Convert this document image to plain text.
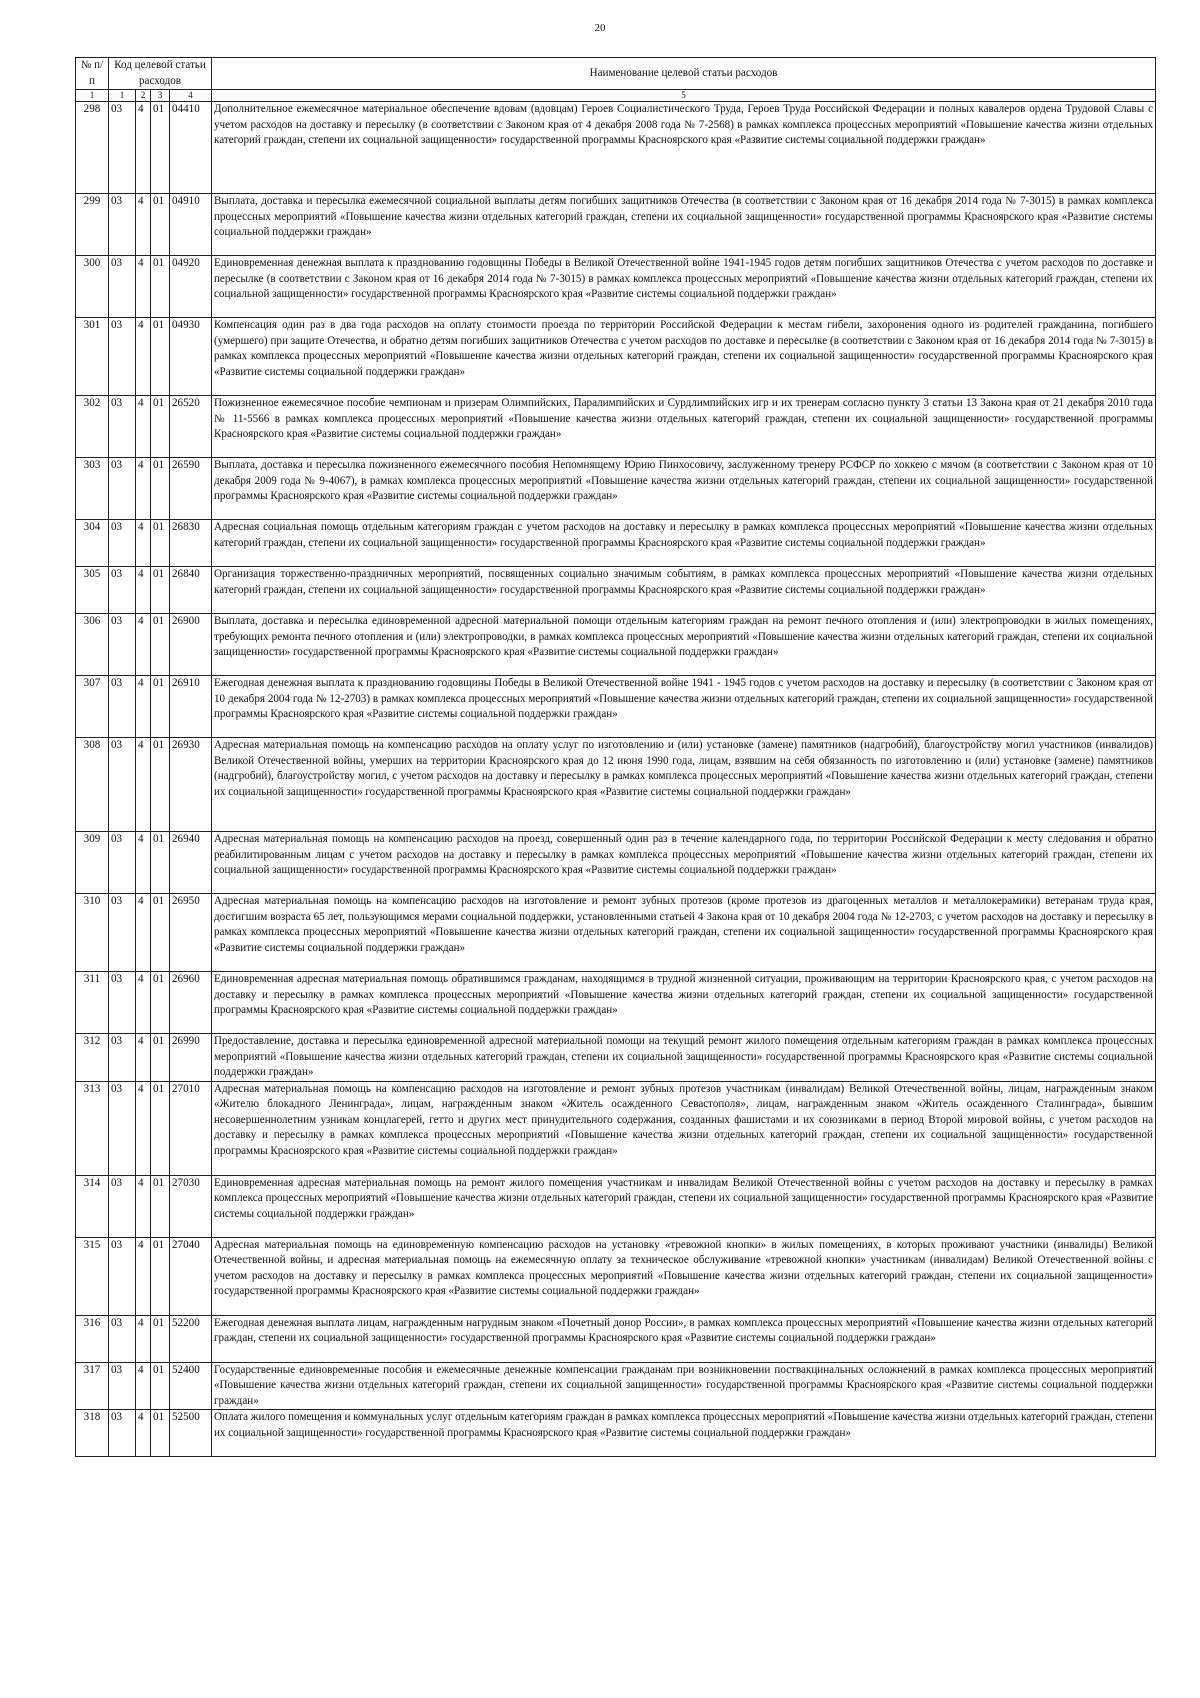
20
№ п/п	Код целевой статьи расходов				Наименование целевой статьи расходов

1	1	2	3	4	5
298	03	4	01	04410	Дополнительное ежемесячное материальное обеспечение вдовам (вдовцам) Героев Социалистического Труда, Героев Труда Российской Федерации и полных кавалеров ордена Трудовой Славы с учетом расходов на доставку и пересылку (в соответствии с Законом края от 4 декабря 2008 года № 7-2568) в рамках комплекса процессных мероприятий «Повышение качества жизни отдельных категорий граждан, степени их социальной защищенности» государственной программы Красноярского края «Развитие системы социальной поддержки граждан»
299	03	4	01	04910	Выплата, доставка и пересылка ежемесячной социальной выплаты детям погибших защитников Отечества (в соответствии с Законом края от 16 декабря 2014 года № 7-3015) в рамках комплекса процессных мероприятий «Повышение качества жизни отдельных категорий граждан, степени их социальной защищенности» государственной программы Красноярского края «Развитие системы социальной поддержки граждан»
300	03	4	01	04920	Единовременная денежная выплата к празднованию годовщины Победы в Великой Отечественной войне 1941-1945 годов детям погибших защитников Отечества с учетом расходов по доставке и пересылке (в соответствии с Законом края от 16 декабря 2014 года № 7-3015) в рамках комплекса процессных мероприятий «Повышение качества жизни отдельных категорий граждан, степени их социальной защищенности» государственной программы Красноярского края «Развитие системы социальной поддержки граждан»
301	03	4	01	04930	Компенсация один раз в два года расходов на оплату стоимости проезда по территории Российской Федерации к местам гибели, захоронения одного из родителей гражданина, погибшего (умершего) при защите Отечества, и обратно детям погибших защитников Отечества с учетом расходов по доставке и пересылке (в соответствии с Законом края от 16 декабря 2014 года № 7-3015) в рамках комплекса процессных мероприятий «Повышение качества жизни отдельных категорий граждан, степени их социальной защищенности» государственной программы Красноярского края «Развитие системы социальной поддержки граждан»
302	03	4	01	26520	Пожизненное ежемесячное пособие чемпионам и призерам Олимпийских, Паралимпийских и Сурдлимпийских игр и их тренерам согласно пункту 3 статьи 13 Закона края от 21 декабря 2010 года № 11-5566 в рамках комплекса процессных мероприятий «Повышение качества жизни отдельных категорий граждан, степени их социальной защищенности» государственной программы Красноярского края «Развитие системы социальной поддержки граждан»
303	03	4	01	26590	Выплата, доставка и пересылка пожизненного ежемесячного пособия Непомнящему Юрию Пинхосовичу, заслуженному тренеру РСФСР по хоккею с мячом (в соответствии с Законом края от 10 декабря 2009 года № 9-4067), в рамках комплекса процессных мероприятий «Повышение качества жизни отдельных категорий граждан, степени их социальной защищенности» государственной программы Красноярского края «Развитие системы социальной поддержки граждан»
304	03	4	01	26830	Адресная социальная помощь отдельным категориям граждан с учетом расходов на доставку и пересылку в рамках комплекса процессных мероприятий «Повышение качества жизни отдельных категорий граждан, степени их социальной защищенности» государственной программы Красноярского края «Развитие системы социальной поддержки граждан»
305	03	4	01	26840	Организация торжественно-праздничных мероприятий, посвященных социально значимым событиям, в рамках комплекса процессных мероприятий «Повышение качества жизни отдельных категорий граждан, степени их социальной защищенности» государственной программы Красноярского края «Развитие системы социальной поддержки граждан»
306	03	4	01	26900	Выплата, доставка и пересылка единовременной адресной материальной помощи отдельным категориям граждан на ремонт печного отопления и (или) электропроводки в жилых помещениях, требующих ремонта печного отопления и (или) электропроводки, в рамках комплекса процессных мероприятий «Повышение качества жизни отдельных категорий граждан, степени их социальной защищенности» государственной программы Красноярского края «Развитие системы социальной поддержки граждан»
307	03	4	01	26910	Ежегодная денежная выплата к празднованию годовщины Победы в Великой Отечественной войне 1941 - 1945 годов с учетом расходов на доставку и пересылку (в соответствии с Законом края от 10 декабря 2004 года № 12-2703) в рамках комплекса процессных мероприятий «Повышение качества жизни отдельных категорий граждан, степени их социальной защищенности» государственной программы Красноярского края «Развитие системы социальной поддержки граждан»
308	03	4	01	26930	Адресная материальная помощь на компенсацию расходов на оплату услуг по изготовлению и (или) установке (замене) памятников (надгробий), благоустройству могил участников (инвалидов) Великой Отечественной войны, умерших на территории Красноярского края до 12 июня 1990 года, лицам, взявшим на себя обязанность по изготовлению и (или) установке (замене) памятников (надгробий), благоустройству могил, с учетом расходов на доставку и пересылку в рамках комплекса процессных мероприятий «Повышение качества жизни отдельных категорий граждан, степени их социальной защищенности» государственной программы Красноярского края «Развитие системы социальной поддержки граждан»
309	03	4	01	26940	Адресная материальная помощь на компенсацию расходов на проезд, совершенный один раз в течение календарного года, по территории Российской Федерации к месту следования и обратно реабилитированным лицам с учетом расходов на доставку и пересылку в рамках комплекса процессных мероприятий «Повышение качества жизни отдельных категорий граждан, степени их социальной защищенности» государственной программы Красноярского края «Развитие системы социальной поддержки граждан»
310	03	4	01	26950	Адресная материальная помощь на компенсацию расходов на изготовление и ремонт зубных протезов (кроме протезов из драгоценных металлов и металлокерамики) ветеранам труда края, достигшим возраста 65 лет, пользующимся мерами социальной поддержки, установленными статьей 4 Закона края от 10 декабря 2004 года № 12-2703, с учетом расходов на доставку и пересылку в рамках комплекса процессных мероприятий «Повышение качества жизни отдельных категорий граждан, степени их социальной защищенности» государственной программы Красноярского края «Развитие системы социальной поддержки граждан»
311	03	4	01	26960	Единовременная адресная материальная помощь обратившимся гражданам, находящимся в трудной жизненной ситуации, проживающим на территории Красноярского края, с учетом расходов на доставку и пересылку в рамках комплекса процессных мероприятий «Повышение качества жизни отдельных категорий граждан, степени их социальной защищенности» государственной программы Красноярского края «Развитие системы социальной поддержки граждан»
312	03	4	01	26990	Предоставление, доставка и пересылка единовременной адресной материальной помощи на текущий ремонт жилого помещения отдельным категориям граждан в рамках комплекса процессных мероприятий «Повышение качества жизни отдельных категорий граждан, степени их социальной защищенности» государственной программы Красноярского края «Развитие системы социальной поддержки граждан»
313	03	4	01	27010	Адресная материальная помощь на компенсацию расходов на изготовление и ремонт зубных протезов участникам (инвалидам) Великой Отечественной войны, лицам, награжденным знаком «Жителю блокадного Ленинграда», лицам, награжденным знаком «Житель осажденного Севастополя», лицам, награжденным знаком «Житель осажденного Сталинграда», бывшим несовершеннолетним узникам концлагерей, гетто и других мест принудительного содержания, созданных фашистами и их союзниками в период Второй мировой войны, с учетом расходов на доставку и пересылку в рамках комплекса процессных мероприятий «Повышение качества жизни отдельных категорий граждан, степени их социальной защищенности» государственной программы Красноярского края «Развитие системы социальной поддержки граждан»
314	03	4	01	27030	Единовременная адресная материальная помощь на ремонт жилого помещения участникам и инвалидам Великой Отечественной войны с учетом расходов на доставку и пересылку в рамках комплекса процессных мероприятий «Повышение качества жизни отдельных категорий граждан, степени их социальной защищенности» государственной программы Красноярского края «Развитие системы социальной поддержки граждан»
315	03	4	01	27040	Адресная материальная помощь на единовременную компенсацию расходов на установку «тревожной кнопки» в жилых помещениях, в которых проживают участники (инвалиды) Великой Отечественной войны, и адресная материальная помощь на ежемесячную оплату за техническое обслуживание «тревожной кнопки» участникам (инвалидам) Великой Отечественной войны с учетом расходов на доставку и пересылку в рамках комплекса процессных мероприятий «Повышение качества жизни отдельных категорий граждан, степени их социальной защищенности» государственной программы Красноярского края «Развитие системы социальной поддержки граждан»
316	03	4	01	52200	Ежегодная денежная выплата лицам, награжденным нагрудным знаком «Почетный донор России», в рамках комплекса процессных мероприятий «Повышение качества жизни отдельных категорий граждан, степени их социальной защищенности» государственной программы Красноярского края «Развитие системы социальной поддержки граждан»
317	03	4	01	52400	Государственные единовременные пособия и ежемесячные денежные компенсации гражданам при возникновении поствакцинальных осложнений в рамках комплекса процессных мероприятий «Повышение качества жизни отдельных категорий граждан, степени их социальной защищенности» государственной программы Красноярского края «Развитие системы социальной поддержки граждан»
318	03	4	01	52500	Оплата жилого помещения и коммунальных услуг отдельным категориям граждан в рамках комплекса процессных мероприятий «Повышение качества жизни отдельных категорий граждан, степени их социальной защищенности» государственной программы Красноярского края «Развитие системы социальной поддержки граждан»
